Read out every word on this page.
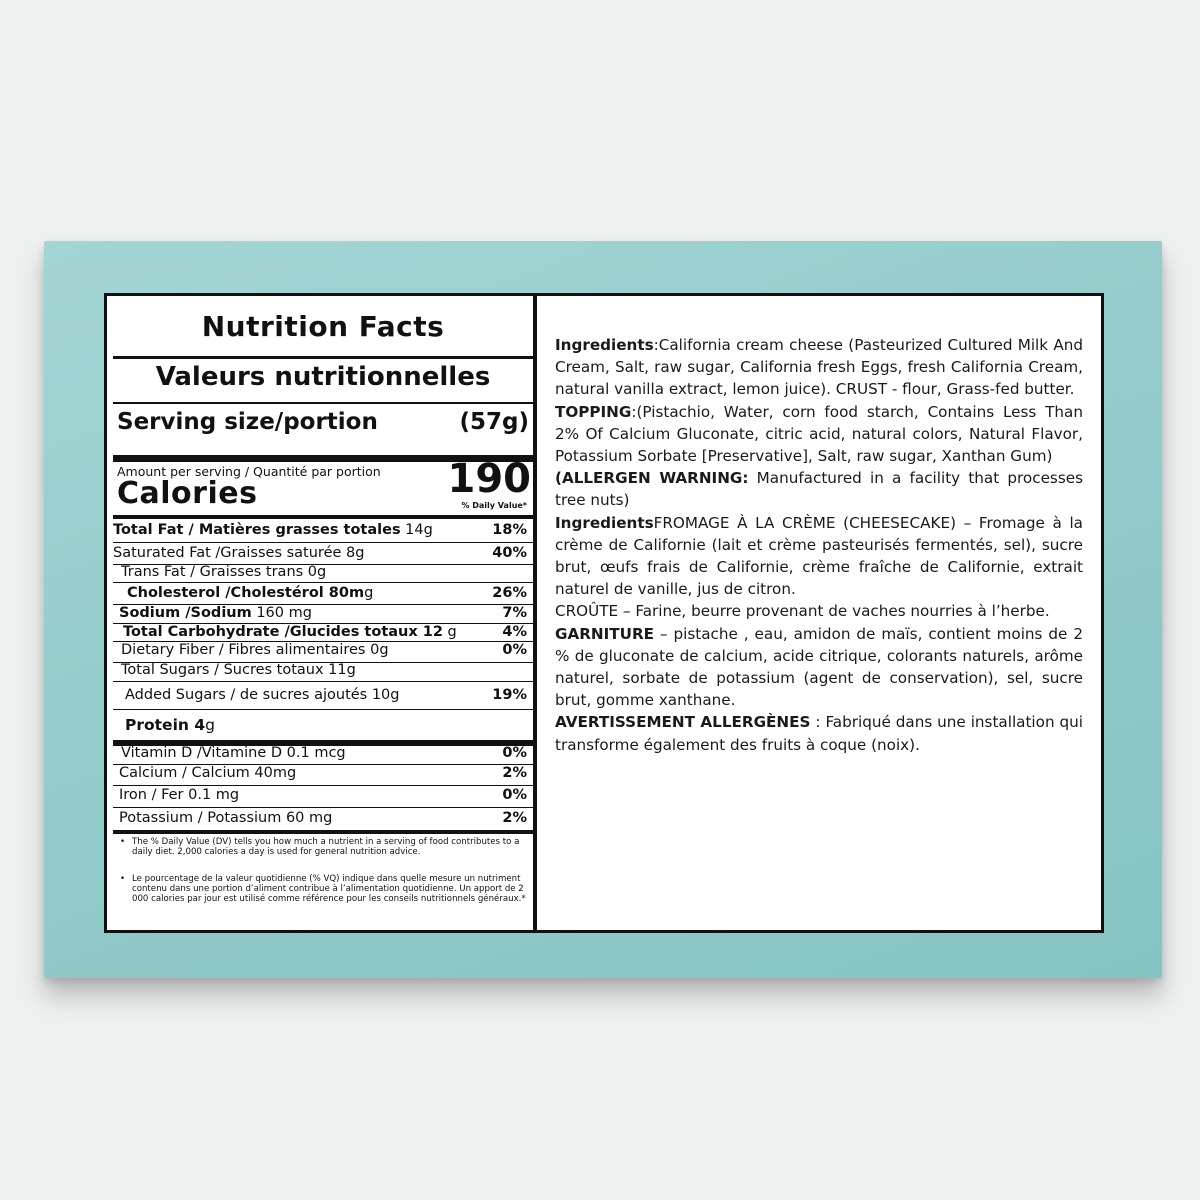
Nutrition Facts
Valeurs nutritionnelles
Serving size/portion	(57g)
Amount per serving / Quantité par portion
Calories	190
% Daily Value*
Total Fat / Matières grasses totales 14g	18%
Saturated Fat /Graisses saturée 8g	40%
Trans Fat / Graisses trans 0g
Cholesterol /Cholestérol 80mg	26%
Sodium /Sodium 160 mg	7%
Total Carbohydrate /Glucides totaux 12 g	4%
Dietary Fiber / Fibres alimentaires 0g	0%
Total Sugars / Sucres totaux 11g
Added Sugars / de sucres ajoutés 10g	19%
Protein 4g
Vitamin D /Vitamine D 0.1 mcg	0%
Calcium / Calcium 40mg	2%
Iron / Fer 0.1 mg	0%
Potassium / Potassium 60 mg	2%
• The % Daily Value (DV) tells you how much a nutrient in a serving of food contributes to a daily diet. 2,000 calories a day is used for general nutrition advice.

• Le pourcentage de la valeur quotidienne (% VQ) indique dans quelle mesure un nutriment contenu dans une portion d’aliment contribue à l’alimentation quotidienne. Un apport de 2 000 calories par jour est utilisé comme référence pour les conseils nutritionnels généraux.*

Ingredients:California cream cheese (Pasteurized Cultured Milk And Cream, Salt, raw sugar, California fresh Eggs, fresh California Cream, natural vanilla extract, lemon juice). CRUST - flour, Grass-fed butter.

TOPPING:(Pistachio, Water, corn food starch, Contains Less Than 2% Of Calcium Gluconate, citric acid, natural colors, Natural Flavor, Potassium Sorbate [Preservative], Salt, raw sugar, Xanthan Gum)

(ALLERGEN WARNING: Manufactured in a facility that processes tree nuts)

IngredientsFROMAGE À LA CRÈME (CHEESECAKE) – Fromage à la crème de Californie (lait et crème pasteurisés fermentés, sel), sucre brut, œufs frais de Californie, crème fraîche de Californie, extrait naturel de vanille, jus de citron.

CROÛTE – Farine, beurre provenant de vaches nourries à l’herbe.

GARNITURE – pistache , eau, amidon de maïs, contient moins de 2 % de gluconate de calcium, acide citrique, colorants naturels, arôme naturel, sorbate de potassium (agent de conservation), sel, sucre brut, gomme xanthane.

AVERTISSEMENT ALLERGÈNES : Fabriqué dans une installation qui transforme également des fruits à coque (noix).
